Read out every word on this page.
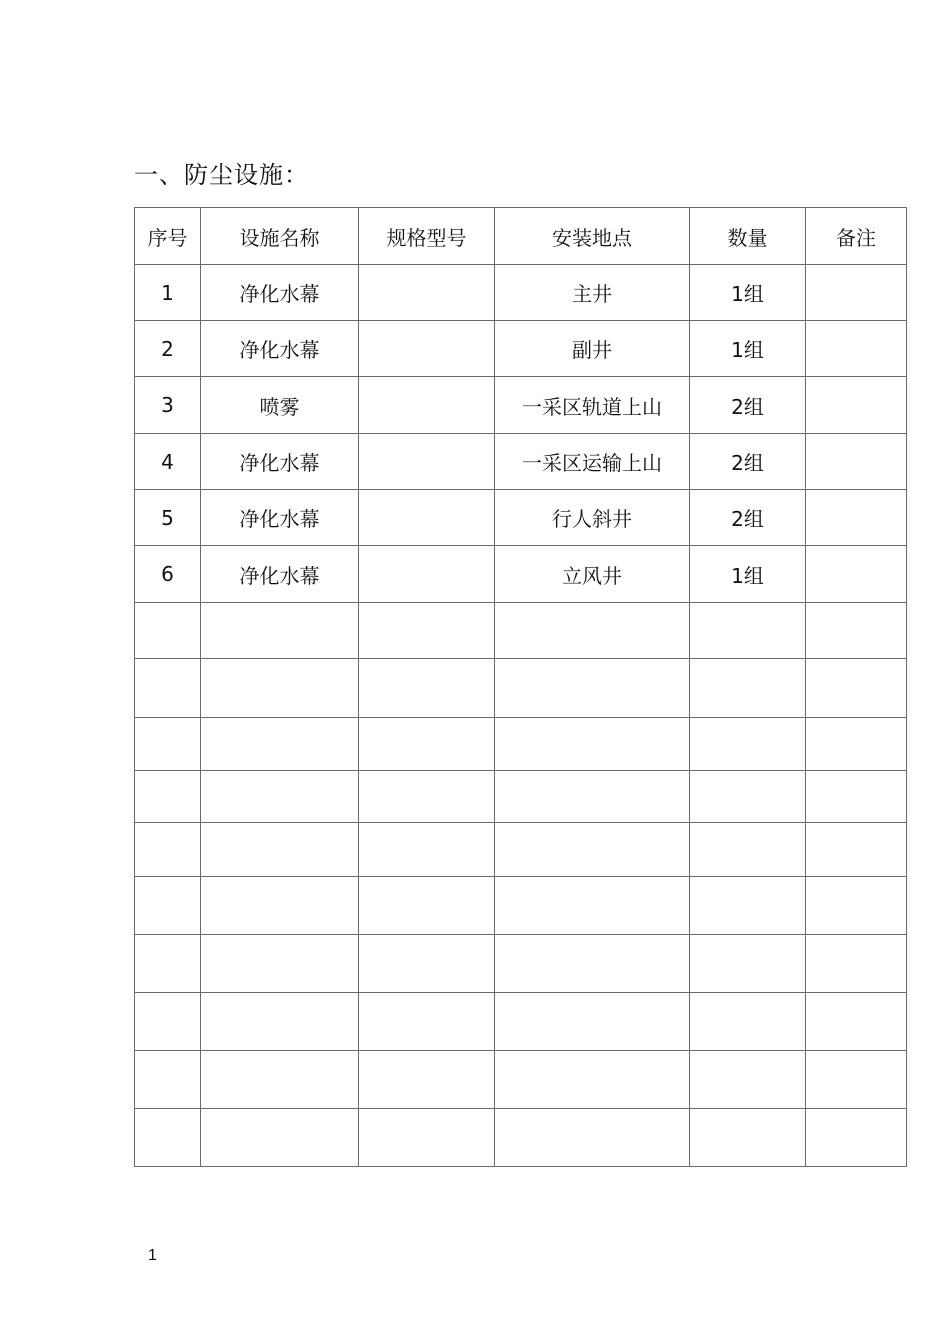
一、防尘设施：
序号	设施名称	规格型号	安装地点	数量	备注
1	净化水幕		主井	1组	
2	净化水幕		副井	1组	
3	喷雾		一采区轨道上山	2组	
4	净化水幕		一采区运输上山	2组	
5	净化水幕		行人斜井	2组	
6	净化水幕		立风井	1组	

1
